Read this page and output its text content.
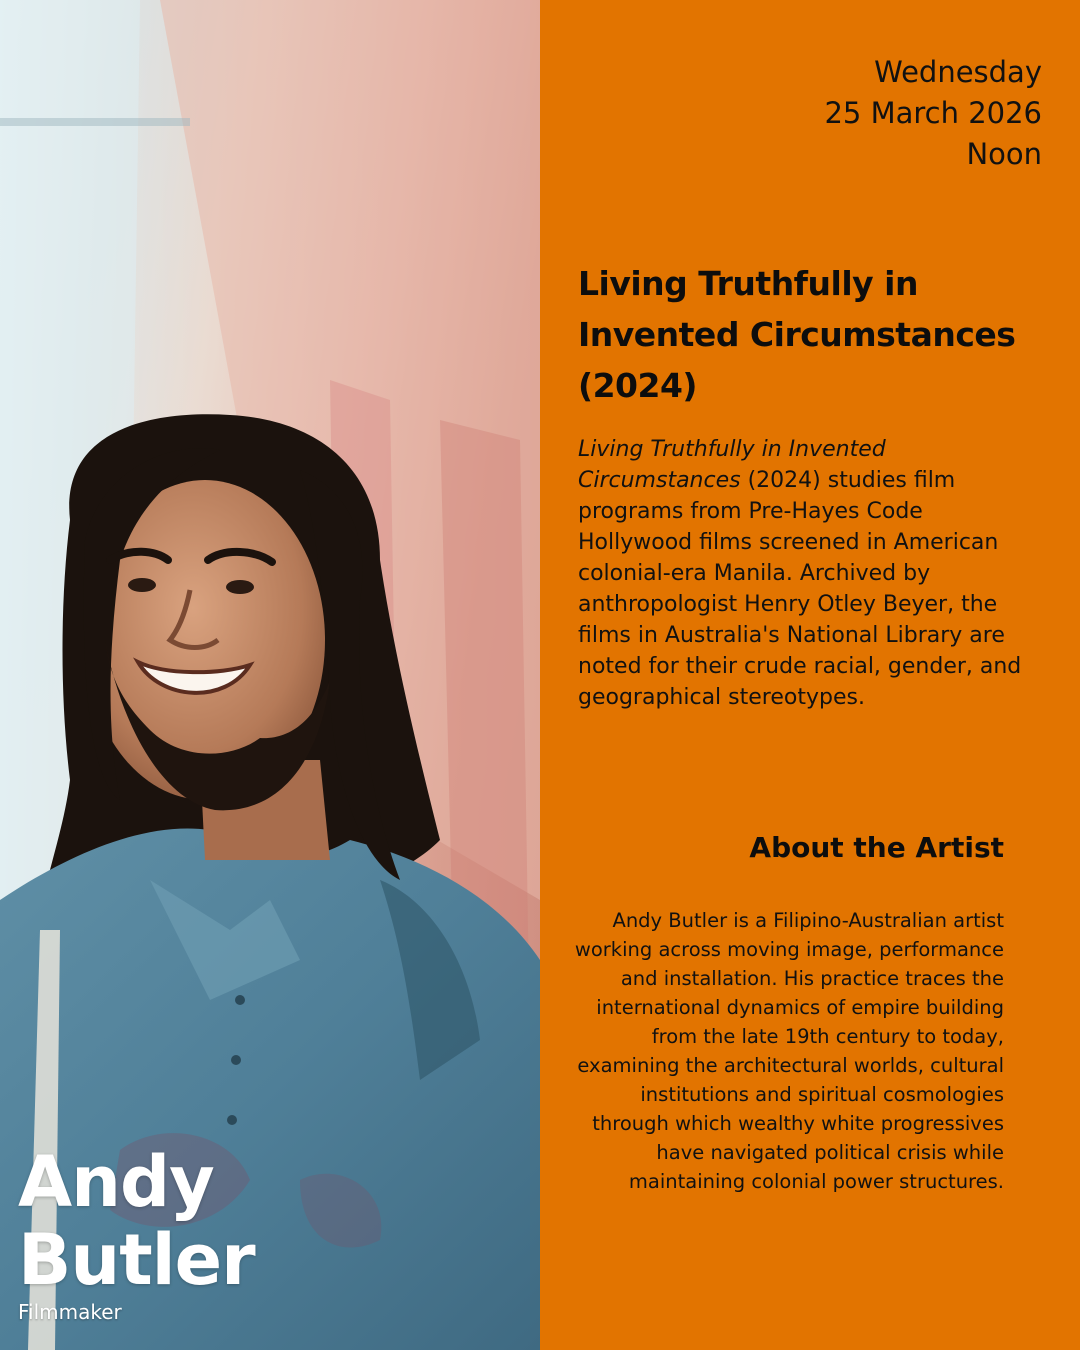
Andy
Butler
Filmmaker
Wednesday
25 March 2026
Noon
Living Truthfully in Invented Circumstances (2024)

Living Truthfully in Invented Circumstances (2024) studies film programs from Pre-Hayes Code Hollywood films screened in American colonial-era Manila. Archived by anthropologist Henry Otley Beyer, the films in Australia's National Library are noted for their crude racial, gender, and geographical stereotypes.

About the Artist

Andy Butler is a Filipino-Australian artist working across moving image, performance and installation. His practice traces the international dynamics of empire building from the late 19th century to today, examining the architectural worlds, cultural institutions and spiritual cosmologies through which wealthy white progressives have navigated political crisis while maintaining colonial power structures.
